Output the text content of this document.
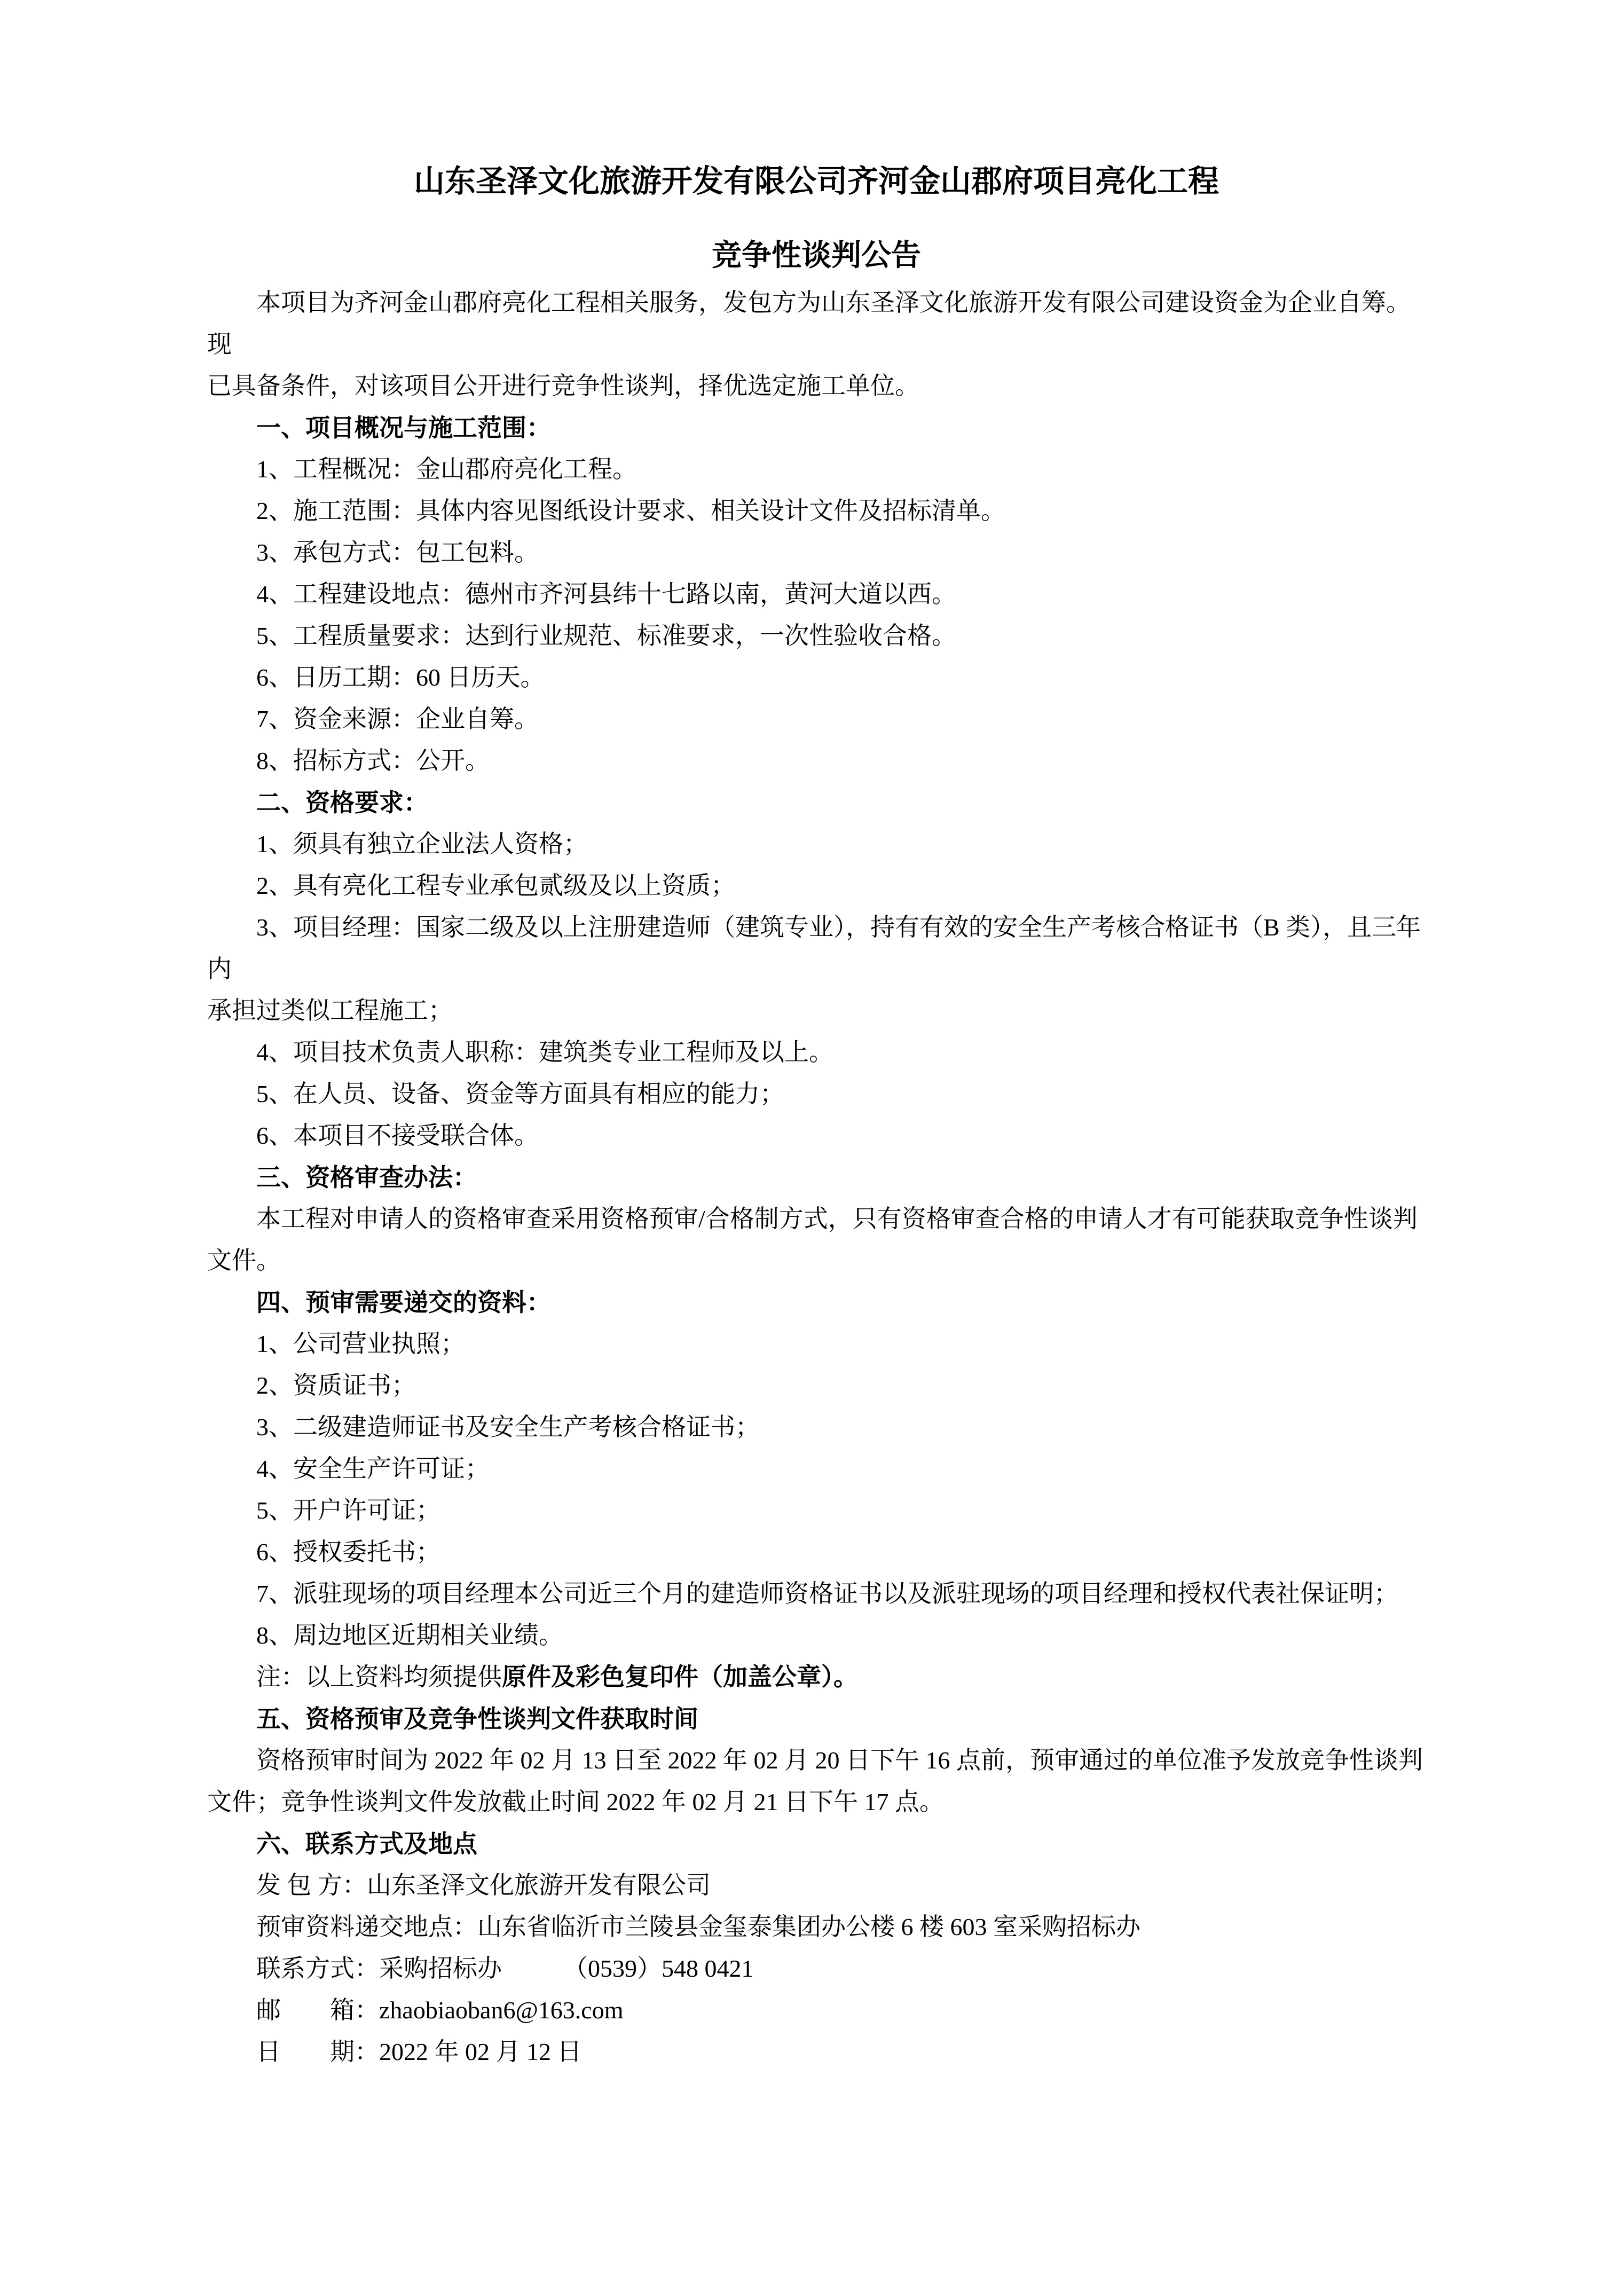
山东圣泽文化旅游开发有限公司齐河金山郡府项目亮化工程
竞争性谈判公告

本项目为齐河金山郡府亮化工程相关服务，发包方为山东圣泽文化旅游开发有限公司建设资金为企业自筹。现

已具备条件，对该项目公开进行竞争性谈判，择优选定施工单位。

一、项目概况与施工范围：

1、工程概况：金山郡府亮化工程。

2、施工范围：具体内容见图纸设计要求、相关设计文件及招标清单。

3、承包方式：包工包料。

4、工程建设地点：德州市齐河县纬十七路以南，黄河大道以西。

5、工程质量要求：达到行业规范、标准要求，一次性验收合格。

6、日历工期：60 日历天。

7、资金来源：企业自筹。

8、招标方式：公开。

二、资格要求：

1、须具有独立企业法人资格；

2、具有亮化工程专业承包贰级及以上资质；

3、项目经理：国家二级及以上注册建造师（建筑专业），持有有效的安全生产考核合格证书（B 类），且三年内

承担过类似工程施工；

4、项目技术负责人职称：建筑类专业工程师及以上。

5、在人员、设备、资金等方面具有相应的能力；

6、本项目不接受联合体。

三、资格审查办法：

本工程对申请人的资格审查采用资格预审/合格制方式，只有资格审查合格的申请人才有可能获取竞争性谈判

文件。

四、预审需要递交的资料：

1、公司营业执照；

2、资质证书；

3、二级建造师证书及安全生产考核合格证书；

4、安全生产许可证；

5、开户许可证；

6、授权委托书；

7、派驻现场的项目经理本公司近三个月的建造师资格证书以及派驻现场的项目经理和授权代表社保证明；

8、周边地区近期相关业绩。

注：以上资料均须提供原件及彩色复印件（加盖公章）。

五、资格预审及竞争性谈判文件获取时间

资格预审时间为 2022 年 02 月 13 日至 2022 年 02 月 20 日下午 16 点前，预审通过的单位准予发放竞争性谈判

文件；竞争性谈判文件发放截止时间 2022 年 02 月 21 日下午 17 点。

六、联系方式及地点

发 包 方：山东圣泽文化旅游开发有限公司

预审资料递交地点：山东省临沂市兰陵县金玺泰集团办公楼 6 楼 603 室采购招标办

联系方式：采购招标办　　　（0539）548 0421

邮　　箱：zhaobiaoban6@163.com

日　　期：2022 年 02 月 12 日
